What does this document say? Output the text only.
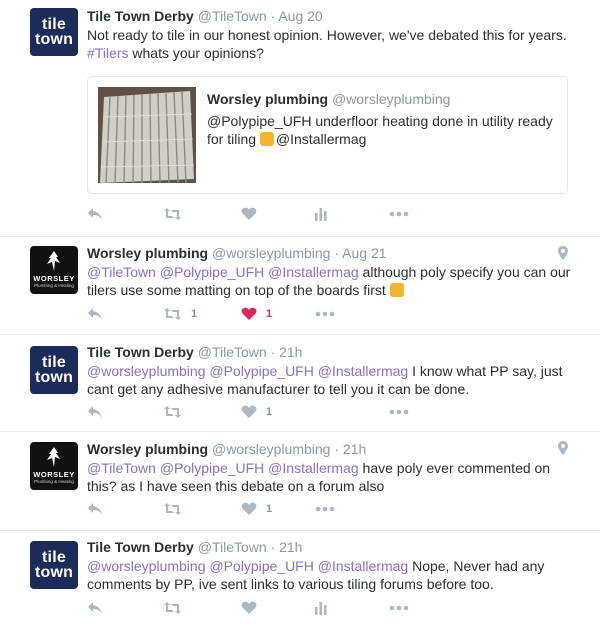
tile
town
Tile Town Derby @TileTown · Aug 20
Not ready to tile in our honest opinion. However, we've debated this for years.
#Tilers whats your opinions?
Worsley plumbing @worsleyplumbing
@Polypipe_UFH underfloor heating done in utility ready for tiling @Installermag
WORSLEY
Plumbing & Heating
Worsley plumbing @worsleyplumbing · Aug 21
@TileTown @Polypipe_UFH @Installermag although poly specify you can our tilers use some matting on top of the boards first
1	1
tile
town
Tile Town Derby @TileTown · 21h
@worsleyplumbing @Polypipe_UFH @Installermag I know what PP say, just cant get any adhesive manufacturer to tell you it can be done.
1
WORSLEY
Plumbing & Heating
Worsley plumbing @worsleyplumbing · 21h
@TileTown @Polypipe_UFH @Installermag have poly ever commented on this? as I have seen this debate on a forum also
1
tile
town
Tile Town Derby @TileTown · 21h
@worsleyplumbing @Polypipe_UFH @Installermag Nope, Never had any comments by PP, ive sent links to various tiling forums before too.
